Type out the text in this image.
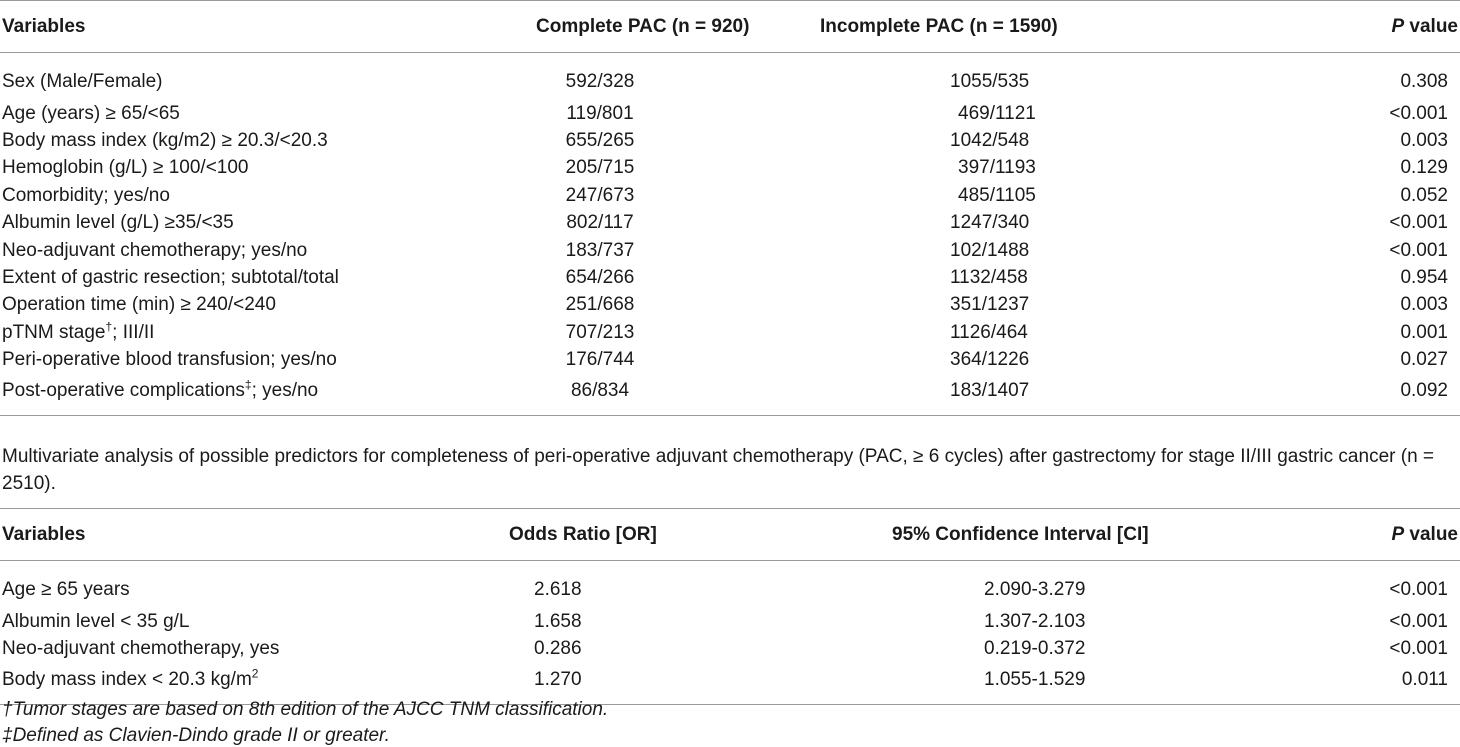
Variables	Complete PAC (n = 920)	Incomplete PAC (n = 1590)	P value
Sex (Male/Female)	592/328	1055/535	0.308
Age (years) ≥ 65/<65	119/801	469/1121	<0.001
Body mass index (kg/m2) ≥ 20.3/<20.3	655/265	1042/548	0.003
Hemoglobin (g/L) ≥ 100/<100	205/715	397/1193	0.129
Comorbidity; yes/no	247/673	485/1105	0.052
Albumin level (g/L) ≥35/<35	802/117	1247/340	<0.001
Neo-adjuvant chemotherapy; yes/no	183/737	102/1488	<0.001
Extent of gastric resection; subtotal/total	654/266	1132/458	0.954
Operation time (min) ≥ 240/<240	251/668	351/1237	0.003
pTNM stage†; III/II	707/213	1126/464	0.001
Peri-operative blood transfusion; yes/no	176/744	364/1226	0.027
Post-operative complications‡; yes/no	86/834	183/1407	0.092
Multivariate analysis of possible predictors for completeness of peri-operative adjuvant chemotherapy (PAC, ≥ 6 cycles) after gastrectomy for stage II/III gastric cancer (n = 2510).
Variables	Odds Ratio [OR]	95% Confidence Interval [CI]	P value
Age ≥ 65 years	2.618	2.090-3.279	<0.001
Albumin level < 35 g/L	1.658	1.307-2.103	<0.001
Neo-adjuvant chemotherapy, yes	0.286	0.219-0.372	<0.001
Body mass index < 20.3 $kg/m^2$	1.270	1.055-1.529	0.011
†Tumor stages are based on 8th edition of the AJCC TNM classification.
‡Defined as Clavien-Dindo grade II or greater.
